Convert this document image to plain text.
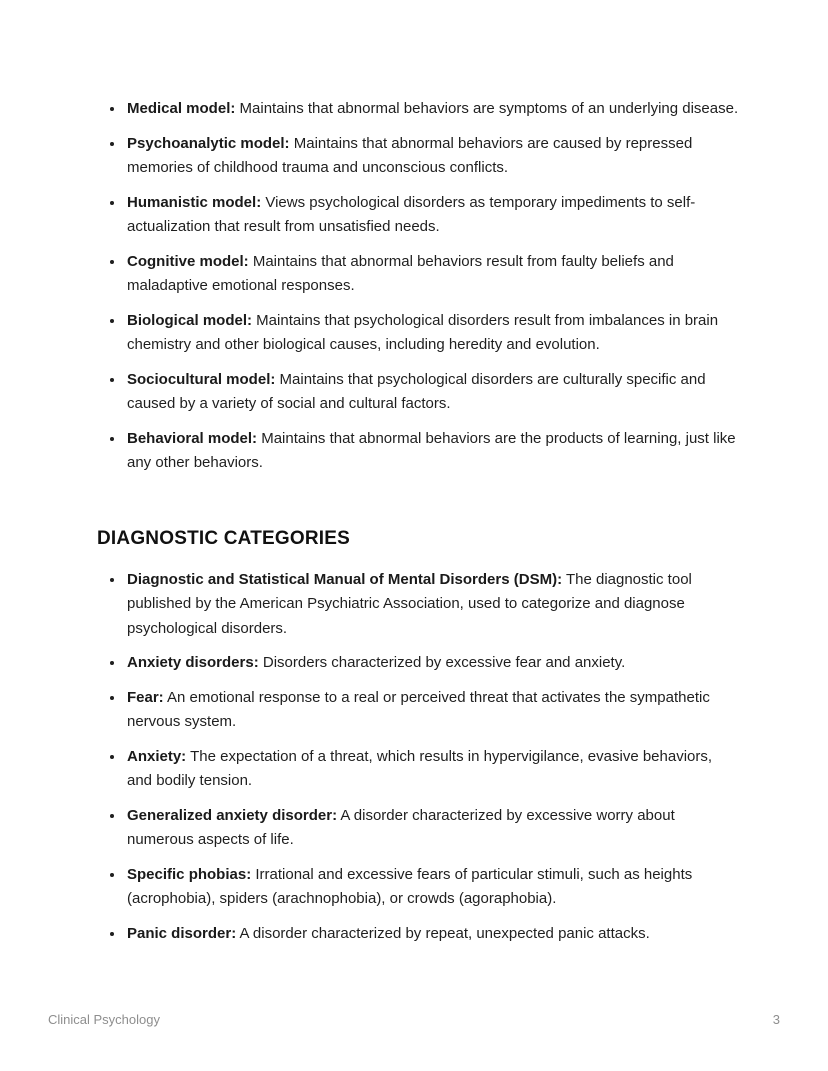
• Medical model: Maintains that abnormal behaviors are symptoms of an underlying disease.
• Psychoanalytic model: Maintains that abnormal behaviors are caused by repressed memories of childhood trauma and unconscious conflicts.
• Humanistic model: Views psychological disorders as temporary impediments to self-actualization that result from unsatisfied needs.
• Cognitive model: Maintains that abnormal behaviors result from faulty beliefs and maladaptive emotional responses.
• Biological model: Maintains that psychological disorders result from imbalances in brain chemistry and other biological causes, including heredity and evolution.
• Sociocultural model: Maintains that psychological disorders are culturally specific and caused by a variety of social and cultural factors.
• Behavioral model: Maintains that abnormal behaviors are the products of learning, just like any other behaviors.
DIAGNOSTIC CATEGORIES
• Diagnostic and Statistical Manual of Mental Disorders (DSM): The diagnostic tool published by the American Psychiatric Association, used to categorize and diagnose psychological disorders.
• Anxiety disorders: Disorders characterized by excessive fear and anxiety.
• Fear: An emotional response to a real or perceived threat that activates the sympathetic nervous system.
• Anxiety: The expectation of a threat, which results in hypervigilance, evasive behaviors, and bodily tension.
• Generalized anxiety disorder: A disorder characterized by excessive worry about numerous aspects of life.
• Specific phobias: Irrational and excessive fears of particular stimuli, such as heights (acrophobia), spiders (arachnophobia), or crowds (agoraphobia).
• Panic disorder: A disorder characterized by repeat, unexpected panic attacks.
Clinical Psychology	3
